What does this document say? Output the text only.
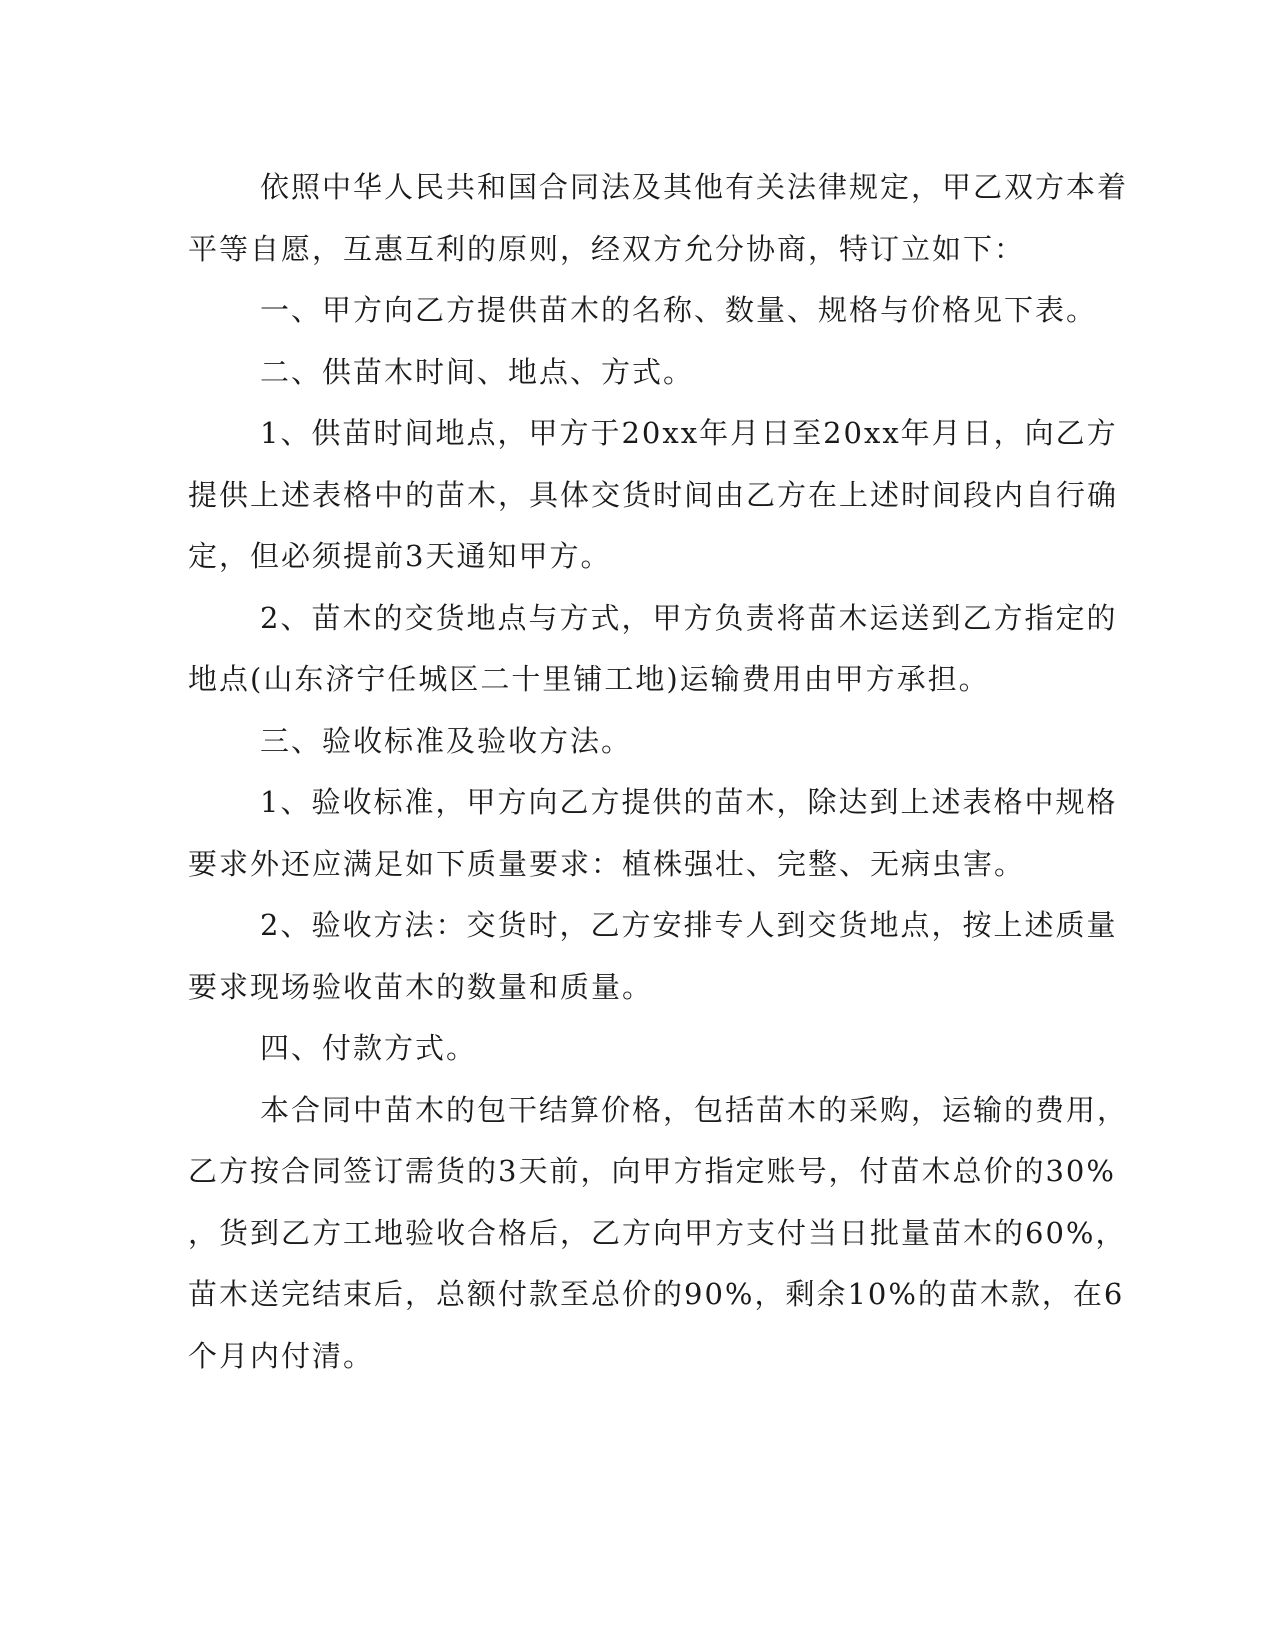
依照中华人民共和国合同法及其他有关法律规定，甲乙双方本着
平等自愿，互惠互利的原则，经双方允分协商，特订立如下：

一、甲方向乙方提供苗木的名称、数量、规格与价格见下表。

二、供苗木时间、地点、方式。

1、供苗时间地点，甲方于20xx年月日至20xx年月日，向乙方
提供上述表格中的苗木，具体交货时间由乙方在上述时间段内自行确
定，但必须提前3天通知甲方。

2、苗木的交货地点与方式，甲方负责将苗木运送到乙方指定的
地点(山东济宁任城区二十里铺工地)运输费用由甲方承担。

三、验收标准及验收方法。

1、验收标准，甲方向乙方提供的苗木，除达到上述表格中规格
要求外还应满足如下质量要求：植株强壮、完整、无病虫害。

2、验收方法：交货时，乙方安排专人到交货地点，按上述质量
要求现场验收苗木的数量和质量。

四、付款方式。

本合同中苗木的包干结算价格，包括苗木的采购，运输的费用，
乙方按合同签订需货的3天前，向甲方指定账号，付苗木总价的30%
，货到乙方工地验收合格后，乙方向甲方支付当日批量苗木的60%，
苗木送完结束后，总额付款至总价的90%，剩余10%的苗木款，在6
个月内付清。
